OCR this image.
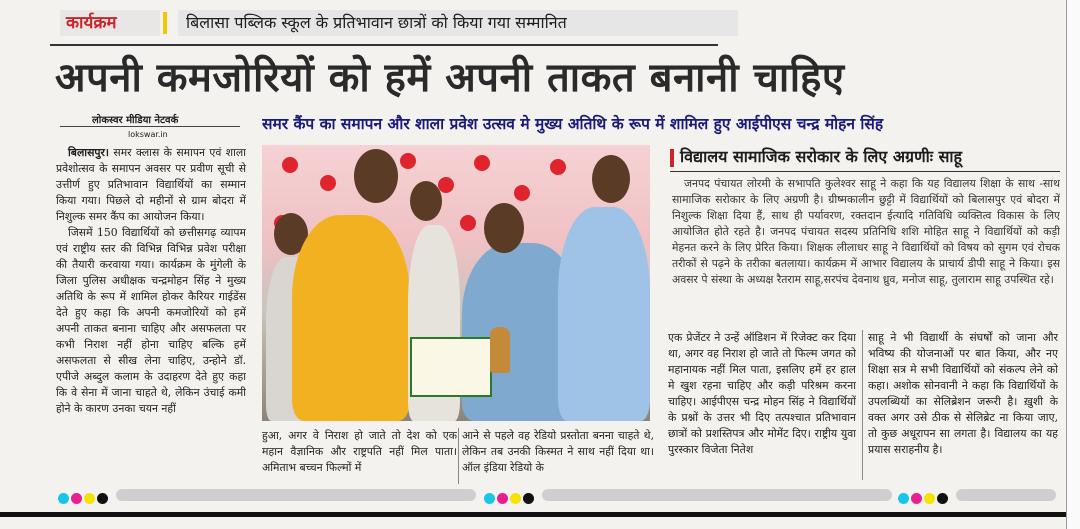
कार्यक्रम	बिलासा पब्लिक स्कूल के प्रतिभावान छात्रों को किया गया सम्मानित
अपनी कमजोरियों को हमें अपनी ताकत बनानी चाहिए
लोकस्वर मीडिया नेटवर्क
lokswar.in
समर कैंप का समापन और शाला प्रवेश उत्सव मे मुख्य अतिथि के रूप में शामिल हुए आईपीएस चन्द्र मोहन सिंह

बिलासपुर। समर क्लास के समापन एवं शाला प्रवेशोत्सव के समापन अवसर पर प्रवीण सूची से उत्तीर्ण हुए प्रतिभावान विद्यार्थियों का सम्मान किया गया। पिछले दो महीनों से ग्राम बोदरा में निशुल्क समर कैंप का आयोजन किया।

जिसमें 150 विद्यार्थियों को छत्तीसगढ़ व्यापम एवं राष्ट्रीय स्तर की विभिन्न विभिन्न प्रवेश परीक्षा की तैयारी करवाया गया। कार्यक्रम के मुंगेली के जिला पुलिस अधीक्षक चन्द्रमोहन सिंह ने मुख्य अतिथि के रूप में शामिल होकर कैरियर गाईडेंस देते हुए कहा कि अपनी कमजोरियों को हमें अपनी ताकत बनाना चाहिए और असफलता पर कभी निराश नहीं होना चाहिए बल्कि हमें असफलता से सीख लेना चाहिए, उन्होने डॉ. एपीजे अब्दुल कलाम के उदाहरण देते हुए कहा कि वे सेना में जाना चाहते थे, लेकिन उंचाई कमी होने के कारण उनका चयन नहीं

विद्यालय सामाजिक सरोकार के लिए अग्रणीः साहू

जनपद पंचायत लोरमी के सभापति कुलेश्वर साहू ने कहा कि यह विद्यालय शिक्षा के साथ -साथ सामाजिक सरोकार के लिए अग्रणी है। ग्रीष्मकालीन छुट्टी में विद्यार्थियों को बिलासपुर एवं बोदरा में निशुल्क शिक्षा दिया हैं, साथ ही पर्यावरण, रक्तदान ईत्यादि गतिविधि व्यक्तित्व विकास के लिए आयोजित होते रहते है। जनपद पंचायत सदस्य प्रतिनिधि शशि मोहित साहू ने विद्यार्थियों को कड़ी मेहनत करने के लिए प्रेरित किया। शिक्षक लीलाधर साहू ने विद्यार्थियों को विषय को सुगम एवं रोचक तरीकों से पढ़ने के तरीका बतलाया। कार्यक्रम में आभार विद्यालय के प्राचार्य डीपी साहू ने किया। इस अवसर पे संस्था के अध्यक्ष रैतराम साहू,सरपंच देवनाथ ध्रुव, मनोज साहू, तुलाराम साहू उपस्थित रहे।

हुआ, अगर वे निराश हो जाते तो देश को एक महान वैज्ञानिक और राष्ट्रपति नहीं मिल पाता। अमिताभ बच्चन फिल्मों में

आने से पहले वह रेडियो प्रस्तोता बनना चाहते थे, लेकिन तब उनकी किस्मत ने साथ नहीं दिया था। ऑल इंडिया रेडियो के

एक प्रेजेंटर ने उन्हें ऑडिशन में रिजेक्ट कर दिया था, अगर वह निराश हो जाते तो फिल्म जगत को महानायक नहीं मिल पाता, इसलिए हमें हर हाल मे खुश रहना चाहिए और कड़ी परिश्रम करना चाहिए। आईपीएस चन्द्र मोहन सिंह ने विद्यार्थियों के प्रश्नों के उत्तर भी दिए तत्पश्चात प्रतिभावान छात्रों को प्रशस्तिपत्र और मोमेंट दिए। राष्ट्रीय युवा पुरस्कार विजेता नितेश

साहू ने भी विद्यार्थी के संघर्षों को जाना और भविष्य की योजनाओं पर बात किया, और नए शिक्षा सत्र मे सभी विद्यार्थियों को संकल्प लेने को कहा। अशोक सोनवानी ने कहा कि विद्यार्थियों के उपलब्धियों का सेलिब्रेशन जरूरी है। ख़ुशी के वक्त अगर उसे ठीक से सेलिब्रेट ना किया जाए, तो कुछ अधूरापन सा लगता है। विद्यालय का यह प्रयास सराहनीय है।
